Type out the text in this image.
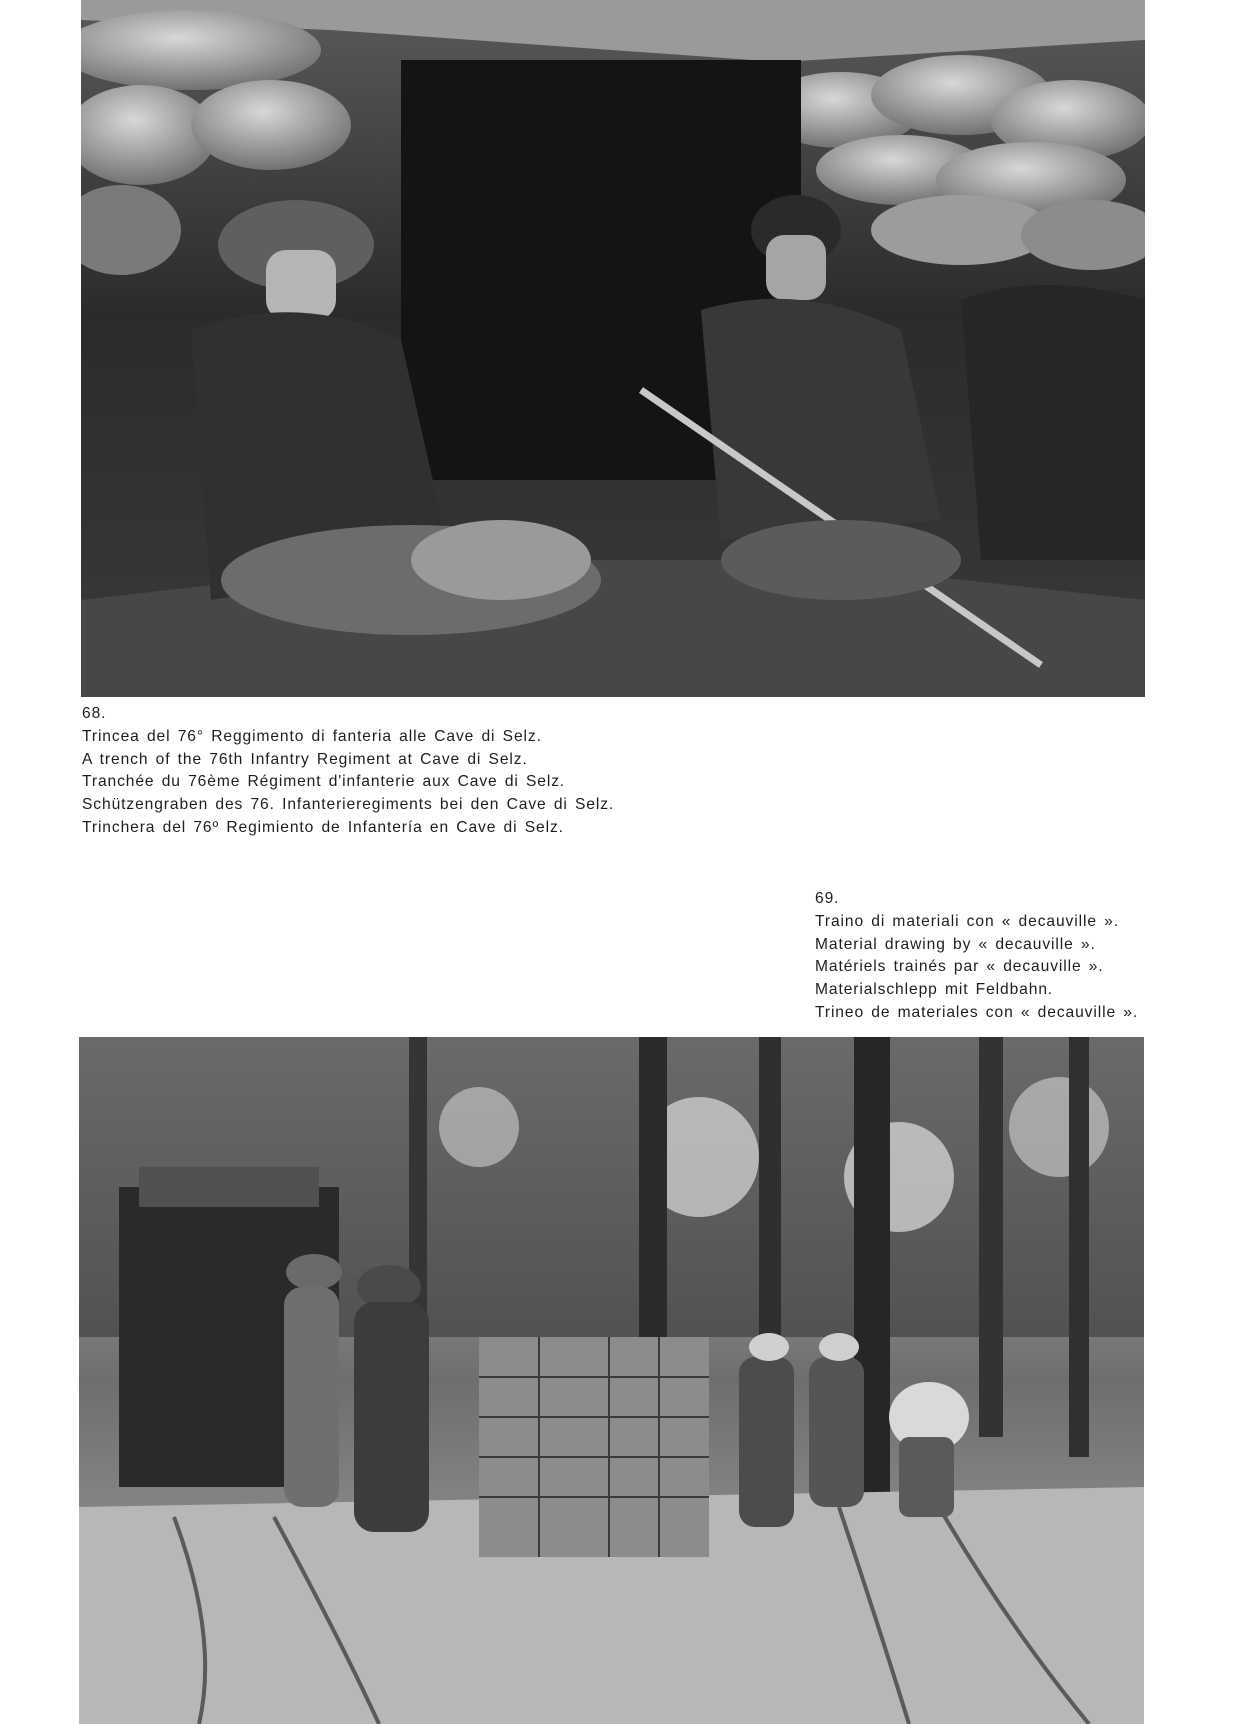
68.
Trincea del 76° Reggimento di fanteria alle Cave di Selz.
A trench of the 76th Infantry Regiment at Cave di Selz.
Tranchée du 76ème Régiment d'infanterie aux Cave di Selz.
Schützengraben des 76. Infanterieregiments bei den Cave di Selz.
Trinchera del 76º Regimiento de Infantería en Cave di Selz.
69.
Traino di materiali con « decauville ».
Material drawing by « decauville ».
Matériels trainés par « decauville ».
Materialschlepp mit Feldbahn.
Trineo de materiales con « decauville ».
